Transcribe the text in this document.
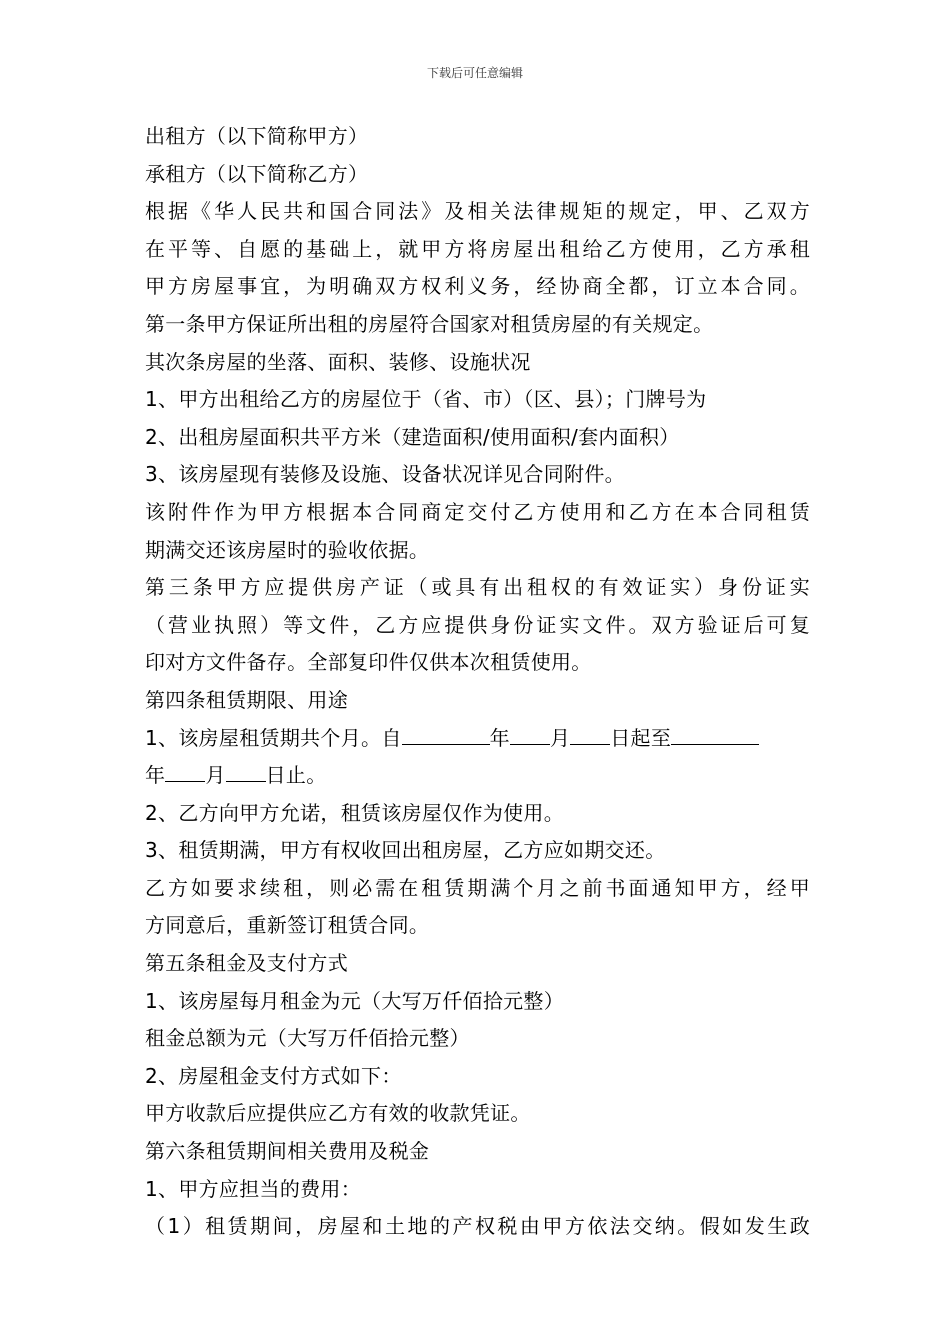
下载后可任意编辑

出租方（以下简称甲方）

承租方（以下简称乙方）

根据《华人民共和国合同法》及相关法律规矩的规定，甲、乙双方

在平等、自愿的基础上，就甲方将房屋出租给乙方使用，乙方承租

甲方房屋事宜，为明确双方权利义务，经协商全都，订立本合同。

第一条甲方保证所出租的房屋符合国家对租赁房屋的有关规定。

其次条房屋的坐落、面积、装修、设施状况

1、甲方出租给乙方的房屋位于（省、市）（区、县）；门牌号为

2、出租房屋面积共平方米（建造面积/使用面积/套内面积）

3、该房屋现有装修及设施、设备状况详见合同附件。

该附件作为甲方根据本合同商定交付乙方使用和乙方在本合同租赁

期满交还该房屋时的验收依据。

第三条甲方应提供房产证（或具有出租权的有效证实）身份证实

（营业执照）等文件，乙方应提供身份证实文件。双方验证后可复

印对方文件备存。全部复印件仅供本次租赁使用。

第四条租赁期限、用途

1、该房屋租赁期共个月。自	年 月 日起至

年 月 日止。

2、乙方向甲方允诺，租赁该房屋仅作为使用。

3、租赁期满，甲方有权收回出租房屋，乙方应如期交还。

乙方如要求续租，则必需在租赁期满个月之前书面通知甲方，经甲

方同意后，重新签订租赁合同。

第五条租金及支付方式

1、该房屋每月租金为元（大写万仟佰拾元整）

租金总额为元（大写万仟佰拾元整）

2、房屋租金支付方式如下：

甲方收款后应提供应乙方有效的收款凭证。

第六条租赁期间相关费用及税金

1、甲方应担当的费用：

（1）租赁期间，房屋和土地的产权税由甲方依法交纳。假如发生政
